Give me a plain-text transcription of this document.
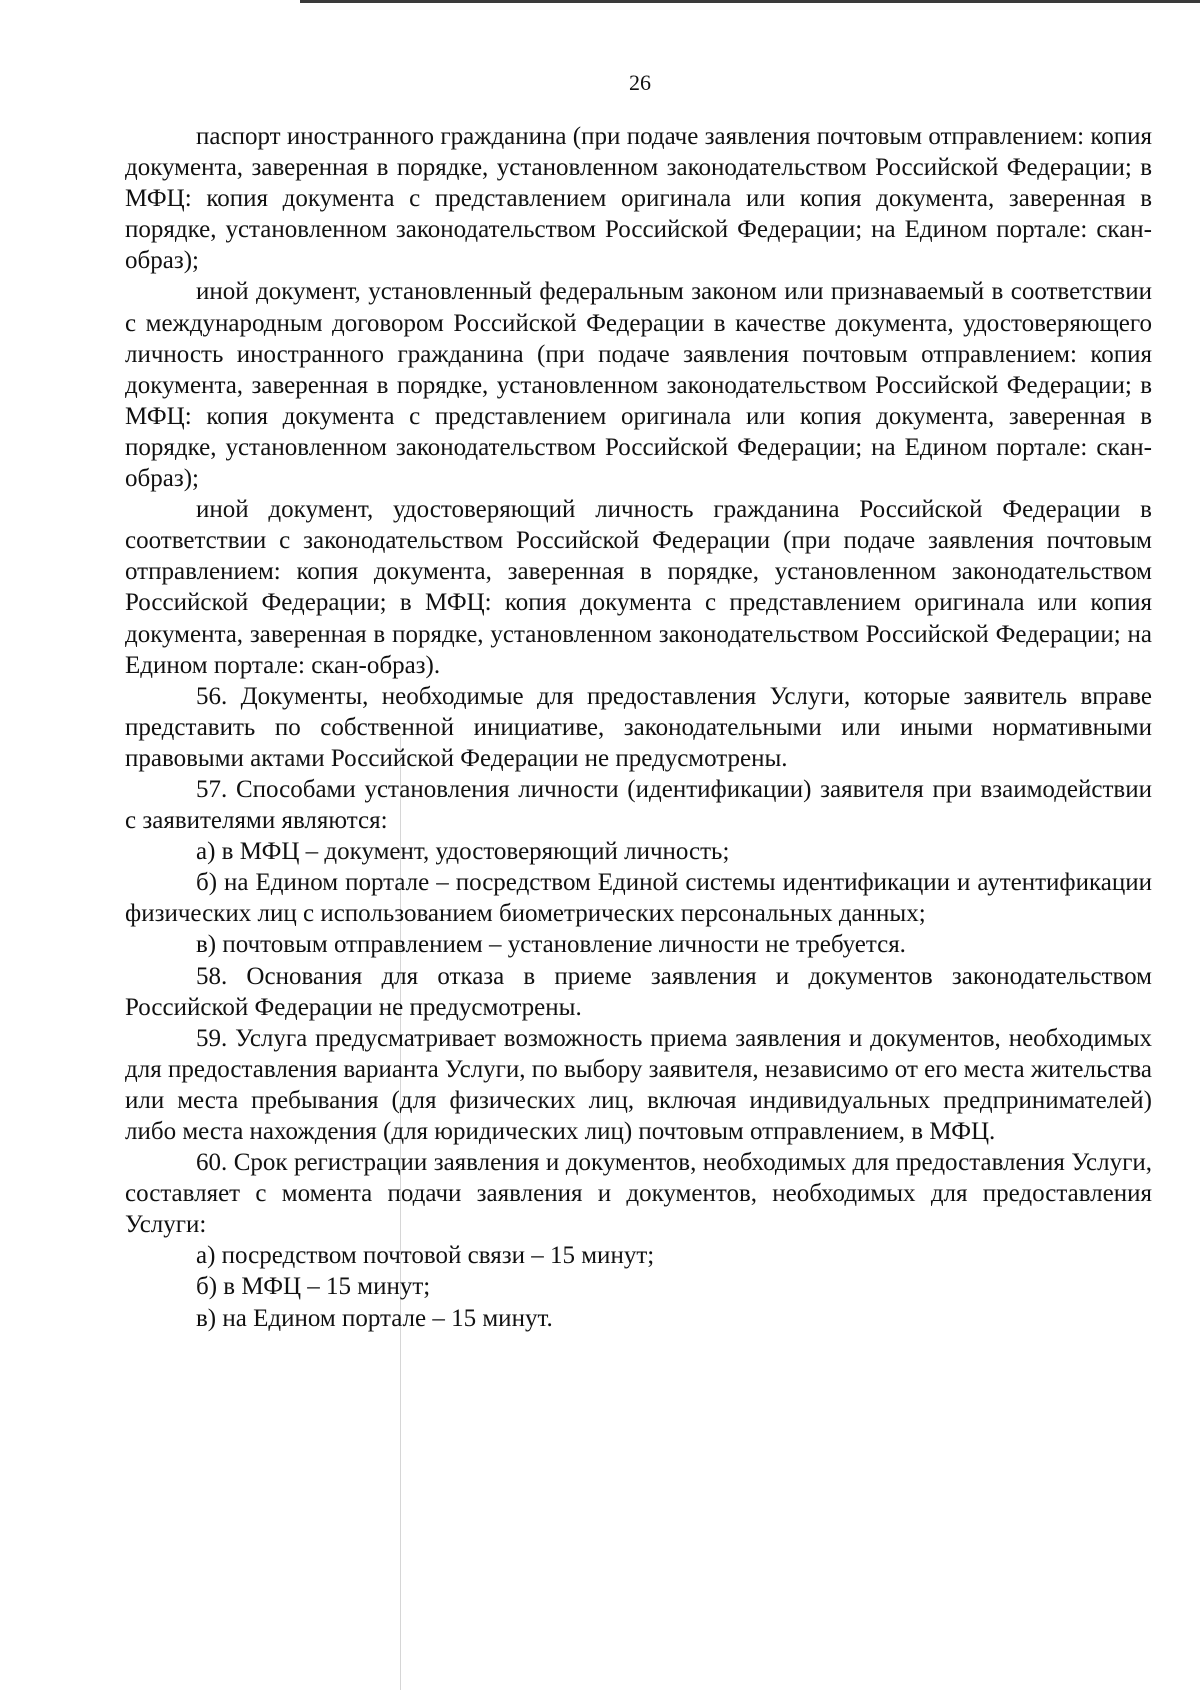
26

паспорт иностранного гражданина (при подаче заявления почтовым отправлением: копия документа, заверенная в порядке, установленном законодательством Российской Федерации; в МФЦ: копия документа с представлением оригинала или копия документа, заверенная в порядке, установленном законодательством Российской Федерации; на Едином портале: скан-образ);

иной документ, установленный федеральным законом или признаваемый в соответствии с международным договором Российской Федерации в качестве документа, удостоверяющего личность иностранного гражданина (при подаче заявления почтовым отправлением: копия документа, заверенная в порядке, установленном законодательством Российской Федерации; в МФЦ: копия документа с представлением оригинала или копия документа, заверенная в порядке, установленном законодательством Российской Федерации; на Едином портале: скан-образ);

иной документ, удостоверяющий личность гражданина Российской Федерации в соответствии с законодательством Российской Федерации (при подаче заявления почтовым отправлением: копия документа, заверенная в порядке, установленном законодательством Российской Федерации; в МФЦ: копия документа с представлением оригинала или копия документа, заверенная в порядке, установленном законодательством Российской Федерации; на Едином портале: скан-образ).

56. Документы, необходимые для предоставления Услуги, которые заявитель вправе представить по собственной инициативе, законодательными или иными нормативными правовыми актами Российской Федерации не предусмотрены.

57. Способами установления личности (идентификации) заявителя при взаимодействии с заявителями являются:

а) в МФЦ – документ, удостоверяющий личность;

б) на Едином портале – посредством Единой системы идентификации и аутентификации физических лиц с использованием биометрических персональных данных;

в) почтовым отправлением – установление личности не требуется.

58. Основания для отказа в приеме заявления и документов законодательством Российской Федерации не предусмотрены.

59. Услуга предусматривает возможность приема заявления и документов, необходимых для предоставления варианта Услуги, по выбору заявителя, независимо от его места жительства или места пребывания (для физических лиц, включая индивидуальных предпринимателей) либо места нахождения (для юридических лиц) почтовым отправлением, в МФЦ.

60. Срок регистрации заявления и документов, необходимых для предоставления Услуги, составляет с момента подачи заявления и документов, необходимых для предоставления Услуги:

а) посредством почтовой связи – 15 минут;

б) в МФЦ – 15 минут;

в) на Едином портале – 15 минут.
